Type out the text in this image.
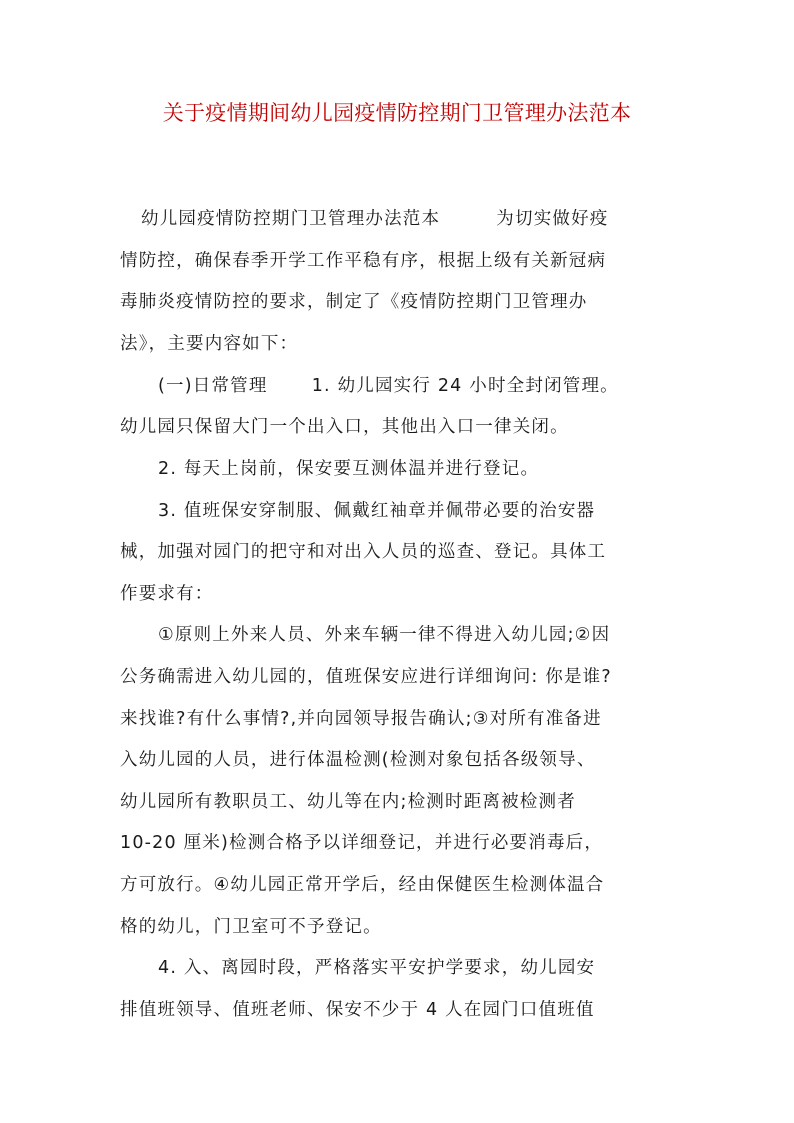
关于疫情期间幼儿园疫情防控期门卫管理办法范本
幼儿园疫情防控期门卫管理办法范本　　　为切实做好疫
情防控，确保春季开学工作平稳有序，根据上级有关新冠病
毒肺炎疫情防控的要求，制定了《疫情防控期门卫管理办
法》，主要内容如下：
(一)日常管理　　 1. 幼儿园实行 24 小时全封闭管理。
幼儿园只保留大门一个出入口，其他出入口一律关闭。
2. 每天上岗前，保安要互测体温并进行登记。
3. 值班保安穿制服、佩戴红袖章并佩带必要的治安器
械，加强对园门的把守和对出入人员的巡查、登记。具体工
作要求有：
①原则上外来人员、外来车辆一律不得进入幼儿园;②因
公务确需进入幼儿园的，值班保安应进行详细询问: 你是谁?
来找谁?有什么事情?,并向园领导报告确认;③对所有准备进
入幼儿园的人员，进行体温检测(检测对象包括各级领导、
幼儿园所有教职员工、幼儿等在内;检测时距离被检测者
10-20 厘米)检测合格予以详细登记，并进行必要消毒后，
方可放行。④幼儿园正常开学后，经由保健医生检测体温合
格的幼儿，门卫室可不予登记。
4. 入、离园时段，严格落实平安护学要求，幼儿园安
排值班领导、值班老师、保安不少于 4 人在园门口值班值
